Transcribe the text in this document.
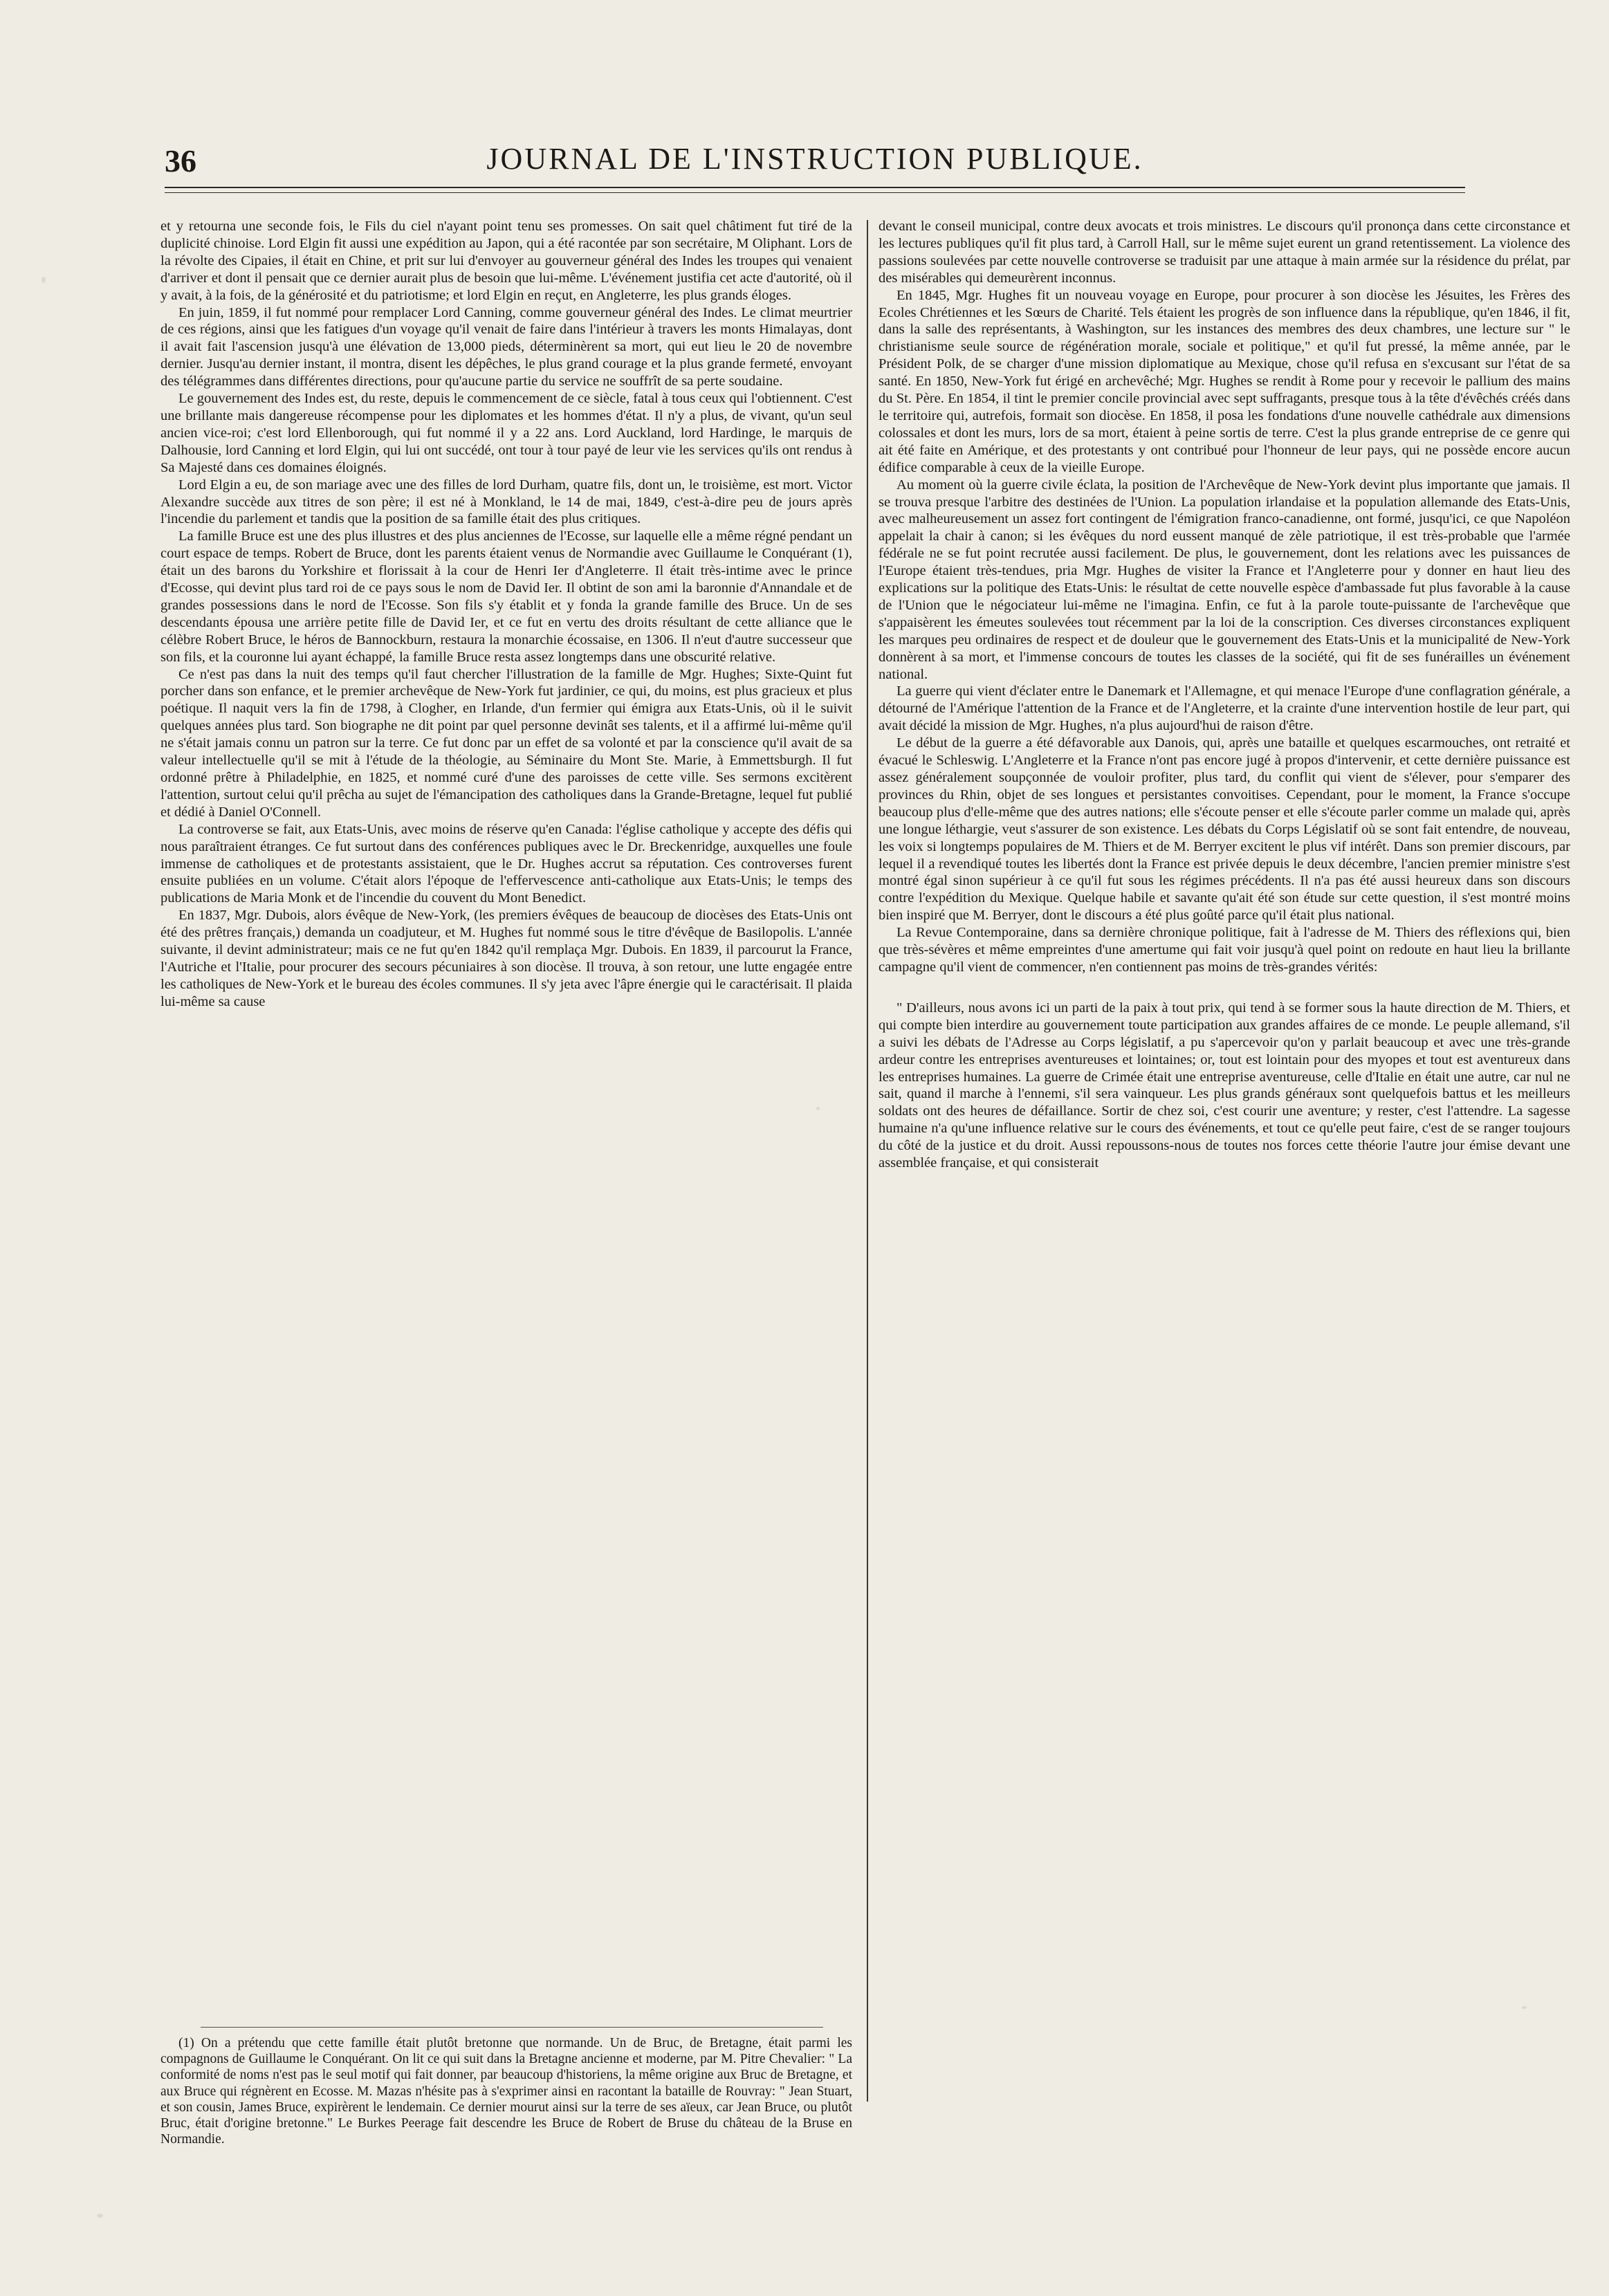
36	JOURNAL DE L'INSTRUCTION PUBLIQUE.

et y retourna une seconde fois, le Fils du ciel n'ayant point tenu ses promesses. On sait quel châtiment fut tiré de la duplicité chinoise. Lord Elgin fit aussi une expédition au Japon, qui a été racontée par son secrétaire, M Oliphant. Lors de la révolte des Cipaies, il était en Chine, et prit sur lui d'envoyer au gouverneur général des Indes les troupes qui venaient d'arriver et dont il pensait que ce dernier aurait plus de besoin que lui-même. L'événement justifia cet acte d'autorité, où il y avait, à la fois, de la générosité et du patriotisme; et lord Elgin en reçut, en Angleterre, les plus grands éloges.

En juin, 1859, il fut nommé pour remplacer Lord Canning, comme gouverneur général des Indes. Le climat meurtrier de ces régions, ainsi que les fatigues d'un voyage qu'il venait de faire dans l'intérieur à travers les monts Himalayas, dont il avait fait l'ascension jusqu'à une élévation de 13,000 pieds, déterminèrent sa mort, qui eut lieu le 20 de novembre dernier. Jusqu'au dernier instant, il montra, disent les dépêches, le plus grand courage et la plus grande fermeté, envoyant des télégrammes dans différentes directions, pour qu'aucune partie du service ne souffrît de sa perte soudaine.

Le gouvernement des Indes est, du reste, depuis le commencement de ce siècle, fatal à tous ceux qui l'obtiennent. C'est une brillante mais dangereuse récompense pour les diplomates et les hommes d'état. Il n'y a plus, de vivant, qu'un seul ancien vice-roi; c'est lord Ellenborough, qui fut nommé il y a 22 ans. Lord Auckland, lord Hardinge, le marquis de Dalhousie, lord Canning et lord Elgin, qui lui ont succédé, ont tour à tour payé de leur vie les services qu'ils ont rendus à Sa Majesté dans ces domaines éloignés.

Lord Elgin a eu, de son mariage avec une des filles de lord Durham, quatre fils, dont un, le troisième, est mort. Victor Alexandre succède aux titres de son père; il est né à Monkland, le 14 de mai, 1849, c'est-à-dire peu de jours après l'incendie du parlement et tandis que la position de sa famille était des plus critiques.

La famille Bruce est une des plus illustres et des plus anciennes de l'Ecosse, sur laquelle elle a même régné pendant un court espace de temps. Robert de Bruce, dont les parents étaient venus de Normandie avec Guillaume le Conquérant (1), était un des barons du Yorkshire et florissait à la cour de Henri Ier d'Angleterre. Il était très-intime avec le prince d'Ecosse, qui devint plus tard roi de ce pays sous le nom de David Ier. Il obtint de son ami la baronnie d'Annandale et de grandes possessions dans le nord de l'Ecosse. Son fils s'y établit et y fonda la grande famille des Bruce. Un de ses descendants épousa une arrière petite fille de David Ier, et ce fut en vertu des droits résultant de cette alliance que le célèbre Robert Bruce, le héros de Bannockburn, restaura la monarchie écossaise, en 1306. Il n'eut d'autre successeur que son fils, et la couronne lui ayant échappé, la famille Bruce resta assez longtemps dans une obscurité relative.

Ce n'est pas dans la nuit des temps qu'il faut chercher l'illustration de la famille de Mgr. Hughes; Sixte-Quint fut porcher dans son enfance, et le premier archevêque de New-York fut jardinier, ce qui, du moins, est plus gracieux et plus poétique. Il naquit vers la fin de 1798, à Clogher, en Irlande, d'un fermier qui émigra aux Etats-Unis, où il le suivit quelques années plus tard. Son biographe ne dit point par quel personne devinât ses talents, et il a affirmé lui-même qu'il ne s'était jamais connu un patron sur la terre. Ce fut donc par un effet de sa volonté et par la conscience qu'il avait de sa valeur intellectuelle qu'il se mit à l'étude de la théologie, au Séminaire du Mont Ste. Marie, à Emmettsburgh. Il fut ordonné prêtre à Philadelphie, en 1825, et nommé curé d'une des paroisses de cette ville. Ses sermons excitèrent l'attention, surtout celui qu'il prêcha au sujet de l'émancipation des catholiques dans la Grande-Bretagne, lequel fut publié et dédié à Daniel O'Connell.

La controverse se fait, aux Etats-Unis, avec moins de réserve qu'en Canada: l'église catholique y accepte des défis qui nous paraîtraient étranges. Ce fut surtout dans des conférences publiques avec le Dr. Breckenridge, auxquelles une foule immense de catholiques et de protestants assistaient, que le Dr. Hughes accrut sa réputation. Ces controverses furent ensuite publiées en un volume. C'était alors l'époque de l'effervescence anti-catholique aux Etats-Unis; le temps des publications de Maria Monk et de l'incendie du couvent du Mont Benedict.

En 1837, Mgr. Dubois, alors évêque de New-York, (les premiers évêques de beaucoup de diocèses des Etats-Unis ont été des prêtres français,) demanda un coadjuteur, et M. Hughes fut nommé sous le titre d'évêque de Basilopolis. L'année suivante, il devint administrateur; mais ce ne fut qu'en 1842 qu'il remplaça Mgr. Dubois. En 1839, il parcourut la France, l'Autriche et l'Italie, pour procurer des secours pécuniaires à son diocèse. Il trouva, à son retour, une lutte engagée entre les catholiques de New-York et le bureau des écoles communes. Il s'y jeta avec l'âpre énergie qui le caractérisait. Il plaida lui-même sa cause

(1) On a prétendu que cette famille était plutôt bretonne que normande. Un de Bruc, de Bretagne, était parmi les compagnons de Guillaume le Conquérant. On lit ce qui suit dans la Bretagne ancienne et moderne, par M. Pitre Chevalier: " La conformité de noms n'est pas le seul motif qui fait donner, par beaucoup d'historiens, la même origine aux Bruc de Bretagne, et aux Bruce qui régnèrent en Ecosse. M. Mazas n'hésite pas à s'exprimer ainsi en racontant la bataille de Rouvray: " Jean Stuart, et son cousin, James Bruce, expirèrent le lendemain. Ce dernier mourut ainsi sur la terre de ses aïeux, car Jean Bruce, ou plutôt Bruc, était d'origine bretonne." Le Burkes Peerage fait descendre les Bruce de Robert de Bruse du château de la Bruse en Normandie.

devant le conseil municipal, contre deux avocats et trois ministres. Le discours qu'il prononça dans cette circonstance et les lectures publiques qu'il fit plus tard, à Carroll Hall, sur le même sujet eurent un grand retentissement. La violence des passions soulevées par cette nouvelle controverse se traduisit par une attaque à main armée sur la résidence du prélat, par des misérables qui demeurèrent inconnus.

En 1845, Mgr. Hughes fit un nouveau voyage en Europe, pour procurer à son diocèse les Jésuites, les Frères des Ecoles Chrétiennes et les Sœurs de Charité. Tels étaient les progrès de son influence dans la république, qu'en 1846, il fit, dans la salle des représentants, à Washington, sur les instances des membres des deux chambres, une lecture sur " le christianisme seule source de régénération morale, sociale et politique," et qu'il fut pressé, la même année, par le Président Polk, de se charger d'une mission diplomatique au Mexique, chose qu'il refusa en s'excusant sur l'état de sa santé. En 1850, New-York fut érigé en archevêché; Mgr. Hughes se rendit à Rome pour y recevoir le pallium des mains du St. Père. En 1854, il tint le premier concile provincial avec sept suffragants, presque tous à la tête d'évêchés créés dans le territoire qui, autrefois, formait son diocèse. En 1858, il posa les fondations d'une nouvelle cathédrale aux dimensions colossales et dont les murs, lors de sa mort, étaient à peine sortis de terre. C'est la plus grande entreprise de ce genre qui ait été faite en Amérique, et des protestants y ont contribué pour l'honneur de leur pays, qui ne possède encore aucun édifice comparable à ceux de la vieille Europe.

Au moment où la guerre civile éclata, la position de l'Archevêque de New-York devint plus importante que jamais. Il se trouva presque l'arbitre des destinées de l'Union. La population irlandaise et la population allemande des Etats-Unis, avec malheureusement un assez fort contingent de l'émigration franco-canadienne, ont formé, jusqu'ici, ce que Napoléon appelait la chair à canon; si les évêques du nord eussent manqué de zèle patriotique, il est très-probable que l'armée fédérale ne se fut point recrutée aussi facilement. De plus, le gouvernement, dont les relations avec les puissances de l'Europe étaient très-tendues, pria Mgr. Hughes de visiter la France et l'Angleterre pour y donner en haut lieu des explications sur la politique des Etats-Unis: le résultat de cette nouvelle espèce d'ambassade fut plus favorable à la cause de l'Union que le négociateur lui-même ne l'imagina. Enfin, ce fut à la parole toute-puissante de l'archevêque que s'appaisèrent les émeutes soulevées tout récemment par la loi de la conscription. Ces diverses circonstances expliquent les marques peu ordinaires de respect et de douleur que le gouvernement des Etats-Unis et la municipalité de New-York donnèrent à sa mort, et l'immense concours de toutes les classes de la société, qui fit de ses funérailles un événement national.

La guerre qui vient d'éclater entre le Danemark et l'Allemagne, et qui menace l'Europe d'une conflagration générale, a détourné de l'Amérique l'attention de la France et de l'Angleterre, et la crainte d'une intervention hostile de leur part, qui avait décidé la mission de Mgr. Hughes, n'a plus aujourd'hui de raison d'être.

Le début de la guerre a été défavorable aux Danois, qui, après une bataille et quelques escarmouches, ont retraité et évacué le Schleswig. L'Angleterre et la France n'ont pas encore jugé à propos d'intervenir, et cette dernière puissance est assez généralement soupçonnée de vouloir profiter, plus tard, du conflit qui vient de s'élever, pour s'emparer des provinces du Rhin, objet de ses longues et persistantes convoitises. Cependant, pour le moment, la France s'occupe beaucoup plus d'elle-même que des autres nations; elle s'écoute penser et elle s'écoute parler comme un malade qui, après une longue léthargie, veut s'assurer de son existence. Les débats du Corps Législatif où se sont fait entendre, de nouveau, les voix si longtemps populaires de M. Thiers et de M. Berryer excitent le plus vif intérêt. Dans son premier discours, par lequel il a revendiqué toutes les libertés dont la France est privée depuis le deux décembre, l'ancien premier ministre s'est montré égal sinon supérieur à ce qu'il fut sous les régimes précédents. Il n'a pas été aussi heureux dans son discours contre l'expédition du Mexique. Quelque habile et savante qu'ait été son étude sur cette question, il s'est montré moins bien inspiré que M. Berryer, dont le discours a été plus goûté parce qu'il était plus national.

La Revue Contemporaine, dans sa dernière chronique politique, fait à l'adresse de M. Thiers des réflexions qui, bien que très-sévères et même empreintes d'une amertume qui fait voir jusqu'à quel point on redoute en haut lieu la brillante campagne qu'il vient de commencer, n'en contiennent pas moins de très-grandes vérités:

" D'ailleurs, nous avons ici un parti de la paix à tout prix, qui tend à se former sous la haute direction de M. Thiers, et qui compte bien interdire au gouvernement toute participation aux grandes affaires de ce monde. Le peuple allemand, s'il a suivi les débats de l'Adresse au Corps législatif, a pu s'apercevoir qu'on y parlait beaucoup et avec une très-grande ardeur contre les entreprises aventureuses et lointaines; or, tout est lointain pour des myopes et tout est aventureux dans les entreprises humaines. La guerre de Crimée était une entreprise aventureuse, celle d'Italie en était une autre, car nul ne sait, quand il marche à l'ennemi, s'il sera vainqueur. Les plus grands généraux sont quelquefois battus et les meilleurs soldats ont des heures de défaillance. Sortir de chez soi, c'est courir une aventure; y rester, c'est l'attendre. La sagesse humaine n'a qu'une influence relative sur le cours des événements, et tout ce qu'elle peut faire, c'est de se ranger toujours du côté de la justice et du droit. Aussi repoussons-nous de toutes nos forces cette théorie l'autre jour émise devant une assemblée française, et qui consisterait
